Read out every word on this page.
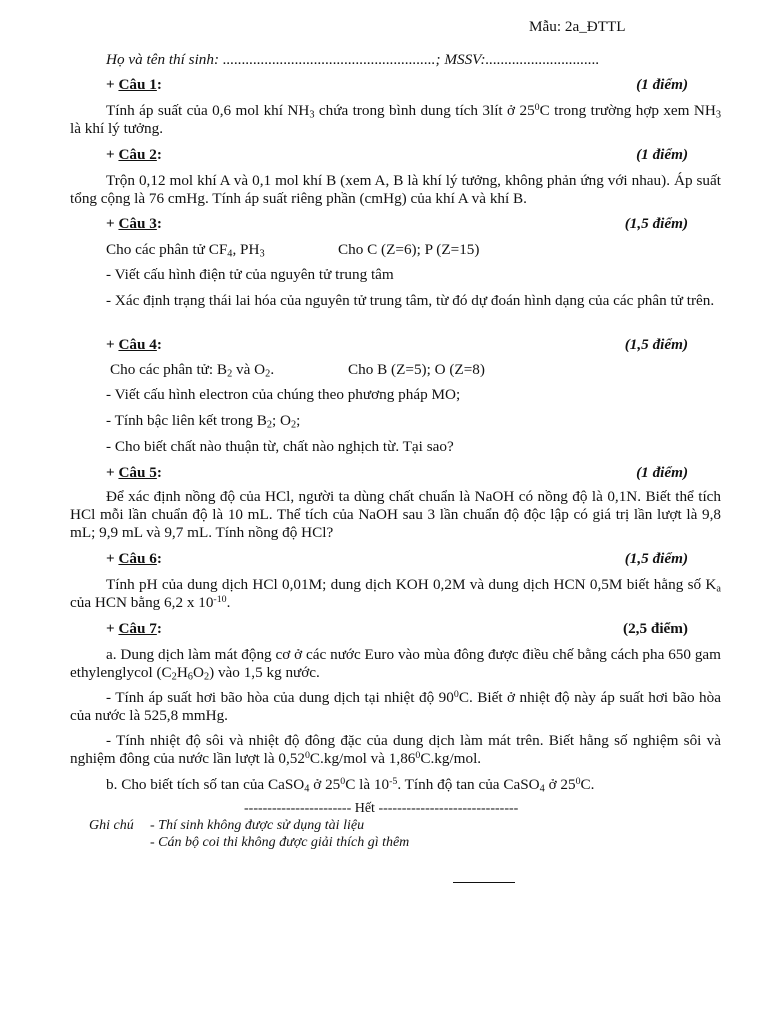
Mẫu: 2a_ĐTTL
Họ và tên thí sinh: ........................................................; MSSV:..............................
+ Câu 1:	(1 điểm)
Tính áp suất của 0,6 mol khí $NH_3$ chứa trong bình dung tích 3lít ở $25^0C$ trong trường hợp xem $NH_3$ là khí lý tưởng.
+ Câu 2:	(1 điểm)
Trộn 0,12 mol khí A và 0,1 mol khí B (xem A, B là khí lý tưởng, không phản ứng với nhau). Áp suất tổng cộng là 76 cmHg. Tính áp suất riêng phần (cmHg) của khí A và khí B.
+ Câu 3:	(1,5 điểm)
Cho các phân tử $CF_4$, $PH_3$	Cho C (Z=6); P (Z=15)
- Viết cấu hình điện tử của nguyên tử trung tâm
- Xác định trạng thái lai hóa của nguyên tử trung tâm, từ đó dự đoán hình dạng của các phân tử trên.
+ Câu 4:	(1,5 điểm)
Cho các phân tử: $B_2$ và $O_2$.	Cho B (Z=5); O (Z=8)
- Viết cấu hình electron của chúng theo phương pháp MO;
- Tính bậc liên kết trong $B_2$; $O_2$;
- Cho biết chất nào thuận từ, chất nào nghịch từ. Tại sao?
+ Câu 5:	(1 điểm)
Để xác định nồng độ của HCl, người ta dùng chất chuẩn là NaOH có nồng độ là 0,1N. Biết thể tích HCl mỗi lần chuẩn độ là 10 mL. Thể tích của NaOH sau 3 lần chuẩn độ độc lập có giá trị lần lượt là 9,8 mL; 9,9 mL và 9,7 mL. Tính nồng độ HCl?
+ Câu 6:	(1,5 điểm)
Tính pH của dung dịch HCl 0,01M; dung dịch KOH 0,2M và dung dịch HCN 0,5M biết hằng số $K_a$ của HCN bằng 6,2 x $10^{-10}$.
+ Câu 7:	(2,5 điểm)
a. Dung dịch làm mát động cơ ở các nước Euro vào mùa đông được điều chế bằng cách pha 650 gam ethylenglycol $(C_2H_6O_2)$ vào 1,5 kg nước.
- Tính áp suất hơi bão hòa của dung dịch tại nhiệt độ $90^0C$. Biết ở nhiệt độ này áp suất hơi bão hòa của nước là 525,8 mmHg.
- Tính nhiệt độ sôi và nhiệt độ đông đặc của dung dịch làm mát trên. Biết hằng số nghiệm sôi và nghiệm đông của nước lần lượt là 0,52$^0$C.kg/mol và 1,86$^0$C.kg/mol.
b. Cho biết tích số tan của CaSO$_4$ ở $25^0C$ là $10^{-5}$. Tính độ tan của CaSO$_4$ ở $25^0C$.
----------------------- Hết ------------------------------
Ghi chú - Thí sinh không được sử dụng tài liệu
- Cán bộ coi thi không được giải thích gì thêm
